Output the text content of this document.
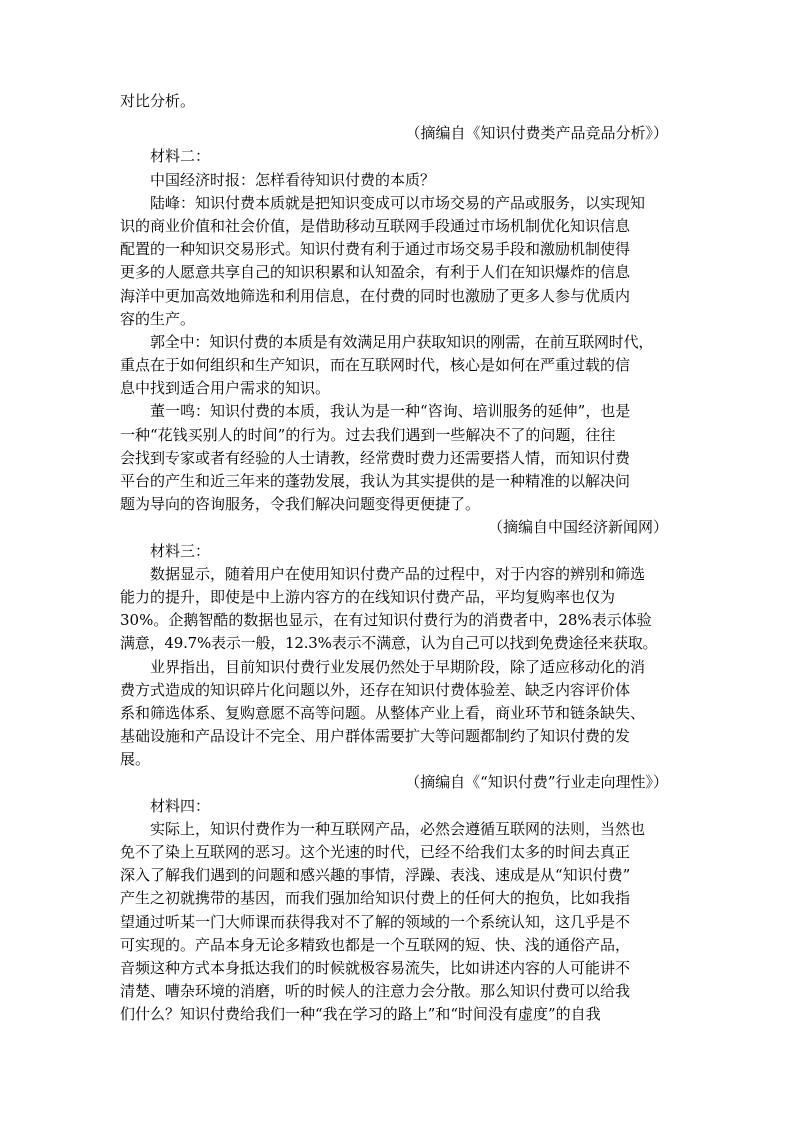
对比分析。
（摘编自《知识付费类产品竞品分析》）
材料二：
中国经济时报：怎样看待知识付费的本质？
陆峰：知识付费本质就是把知识变成可以市场交易的产品或服务，以实现知
识的商业价值和社会价值，是借助移动互联网手段通过市场机制优化知识信息
配置的一种知识交易形式。知识付费有利于通过市场交易手段和激励机制使得
更多的人愿意共享自己的知识积累和认知盈余，有利于人们在知识爆炸的信息
海洋中更加高效地筛选和利用信息，在付费的同时也激励了更多人参与优质内
容的生产。
郭全中：知识付费的本质是有效满足用户获取知识的刚需，在前互联网时代，
重点在于如何组织和生产知识，而在互联网时代，核心是如何在严重过载的信
息中找到适合用户需求的知识。
董一鸣：知识付费的本质，我认为是一种“咨询、培训服务的延伸”，也是
一种“花钱买别人的时间”的行为。过去我们遇到一些解决不了的问题，往往
会找到专家或者有经验的人士请教，经常费时费力还需要搭人情，而知识付费
平台的产生和近三年来的蓬勃发展，我认为其实提供的是一种精准的以解决问
题为导向的咨询服务，令我们解决问题变得更便捷了。
（摘编自中国经济新闻网）
材料三：
数据显示，随着用户在使用知识付费产品的过程中，对于内容的辨别和筛选
能力的提升，即使是中上游内容方的在线知识付费产品，平均复购率也仅为
30%。企鹅智酷的数据也显示，在有过知识付费行为的消费者中，28%表示体验
满意，49.7%表示一般，12.3%表示不满意，认为自己可以找到免费途径来获取。
业界指出，目前知识付费行业发展仍然处于早期阶段，除了适应移动化的消
费方式造成的知识碎片化问题以外，还存在知识付费体验差、缺乏内容评价体
系和筛选体系、复购意愿不高等问题。从整体产业上看，商业环节和链条缺失、
基础设施和产品设计不完全、用户群体需要扩大等问题都制约了知识付费的发
展。
（摘编自《“知识付费”行业走向理性》）
材料四：
实际上，知识付费作为一种互联网产品，必然会遵循互联网的法则，当然也
免不了染上互联网的恶习。这个光速的时代，已经不给我们太多的时间去真正
深入了解我们遇到的问题和感兴趣的事情，浮躁、表浅、速成是从“知识付费”
产生之初就携带的基因，而我们强加给知识付费上的任何大的抱负，比如我指
望通过听某一门大师课而获得我对不了解的领域的一个系统认知，这几乎是不
可实现的。产品本身无论多精致也都是一个互联网的短、快、浅的通俗产品，
音频这种方式本身抵达我们的时候就极容易流失，比如讲述内容的人可能讲不
清楚、嘈杂环境的消磨，听的时候人的注意力会分散。那么知识付费可以给我
们什么？知识付费给我们一种“我在学习的路上”和“时间没有虚度”的自我
